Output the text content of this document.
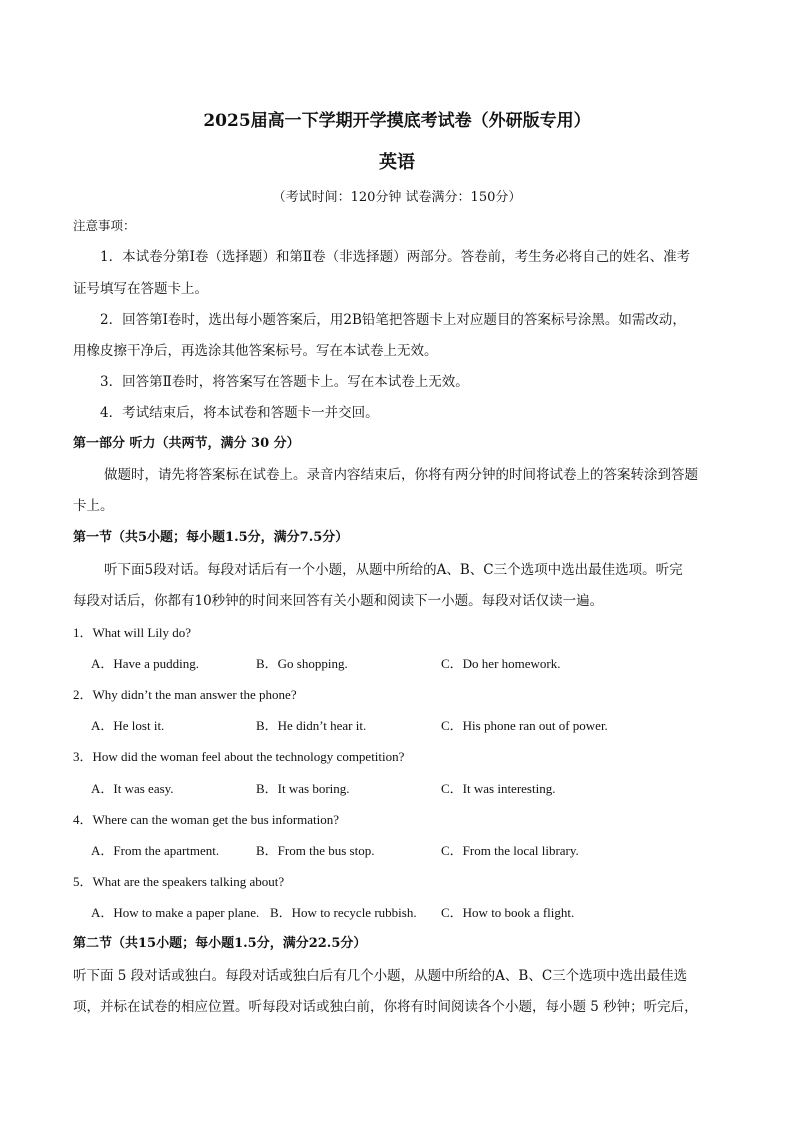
2025届高一下学期开学摸底考试卷（外研版专用）
英语
（考试时间：120分钟 试卷满分：150分）
注意事项：
1．本试卷分第Ⅰ卷（选择题）和第Ⅱ卷（非选择题）两部分。答卷前，考生务必将自己的姓名、准考
证号填写在答题卡上。
2．回答第Ⅰ卷时，选出每小题答案后，用2B铅笔把答题卡上对应题目的答案标号涂黑。如需改动，
用橡皮擦干净后，再选涂其他答案标号。写在本试卷上无效。
3．回答第Ⅱ卷时，将答案写在答题卡上。写在本试卷上无效。
4．考试结束后，将本试卷和答题卡一并交回。
第一部分 听力（共两节，满分 30 分）
做题时，请先将答案标在试卷上。录音内容结束后，你将有两分钟的时间将试卷上的答案转涂到答题
卡上。
第一节（共5小题；每小题1.5分，满分7.5分）
听下面5段对话。每段对话后有一个小题，从题中所给的A、B、C三个选项中选出最佳选项。听完
每段对话后，你都有10秒钟的时间来回答有关小题和阅读下一小题。每段对话仅读一遍。
1．What will Lily do?
A．Have a pudding.	B．Go shopping.	C．Do her homework.
2．Why didn’t the man answer the phone?
A．He lost it.	B．He didn’t hear it.	C．His phone ran out of power.
3．How did the woman feel about the technology competition?
A．It was easy.	B．It was boring.	C．It was interesting.
4．Where can the woman get the bus information?
A．From the apartment.	B．From the bus stop.	C．From the local library.
5．What are the speakers talking about?
A．How to make a paper plane. B．How to recycle rubbish. C．How to book a flight.
第二节（共15小题；每小题1.5分，满分22.5分）
听下面 5 段对话或独白。每段对话或独白后有几个小题，从题中所给的A、B、C三个选项中选出最佳选
项，并标在试卷的相应位置。听每段对话或独白前，你将有时间阅读各个小题，每小题 5 秒钟；听完后，
